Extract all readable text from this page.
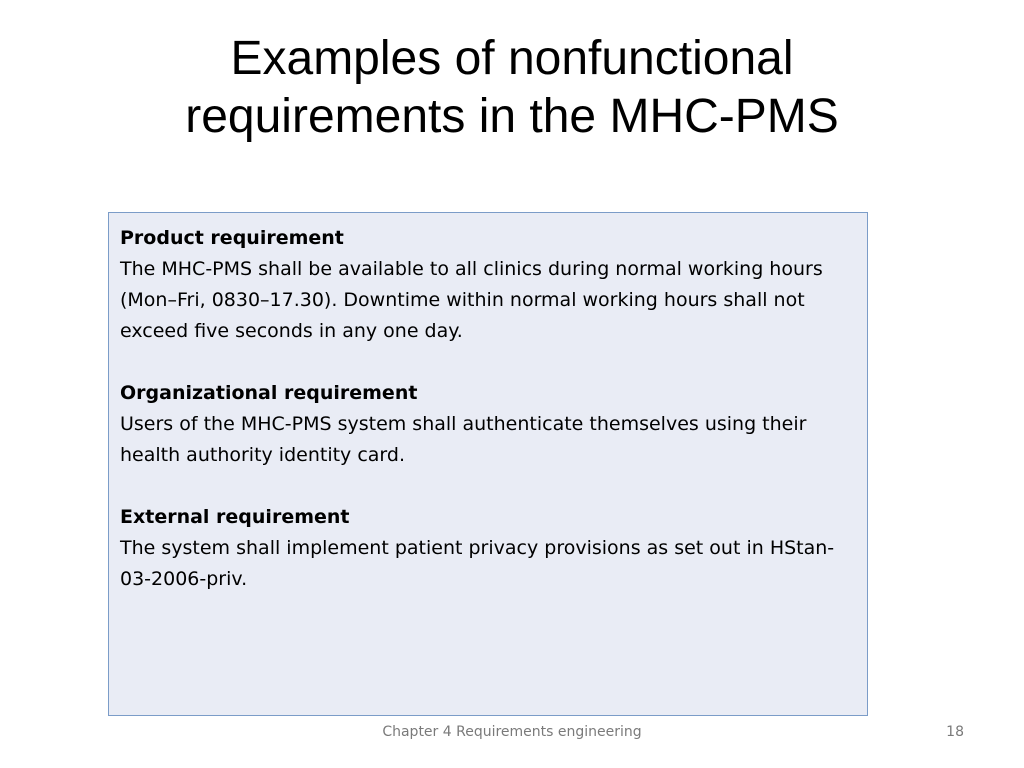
Examples of nonfunctional
requirements in the MHC-PMS
Product requirement
The MHC-PMS shall be available to all clinics during normal working hours (Mon–Fri, 0830–17.30). Downtime within normal working hours shall not exceed five seconds in any one day.
Organizational requirement
Users of the MHC-PMS system shall authenticate themselves using their health authority identity card.
External requirement
The system shall implement patient privacy provisions as set out in HStan-03-2006-priv.
Chapter 4 Requirements engineering	18
